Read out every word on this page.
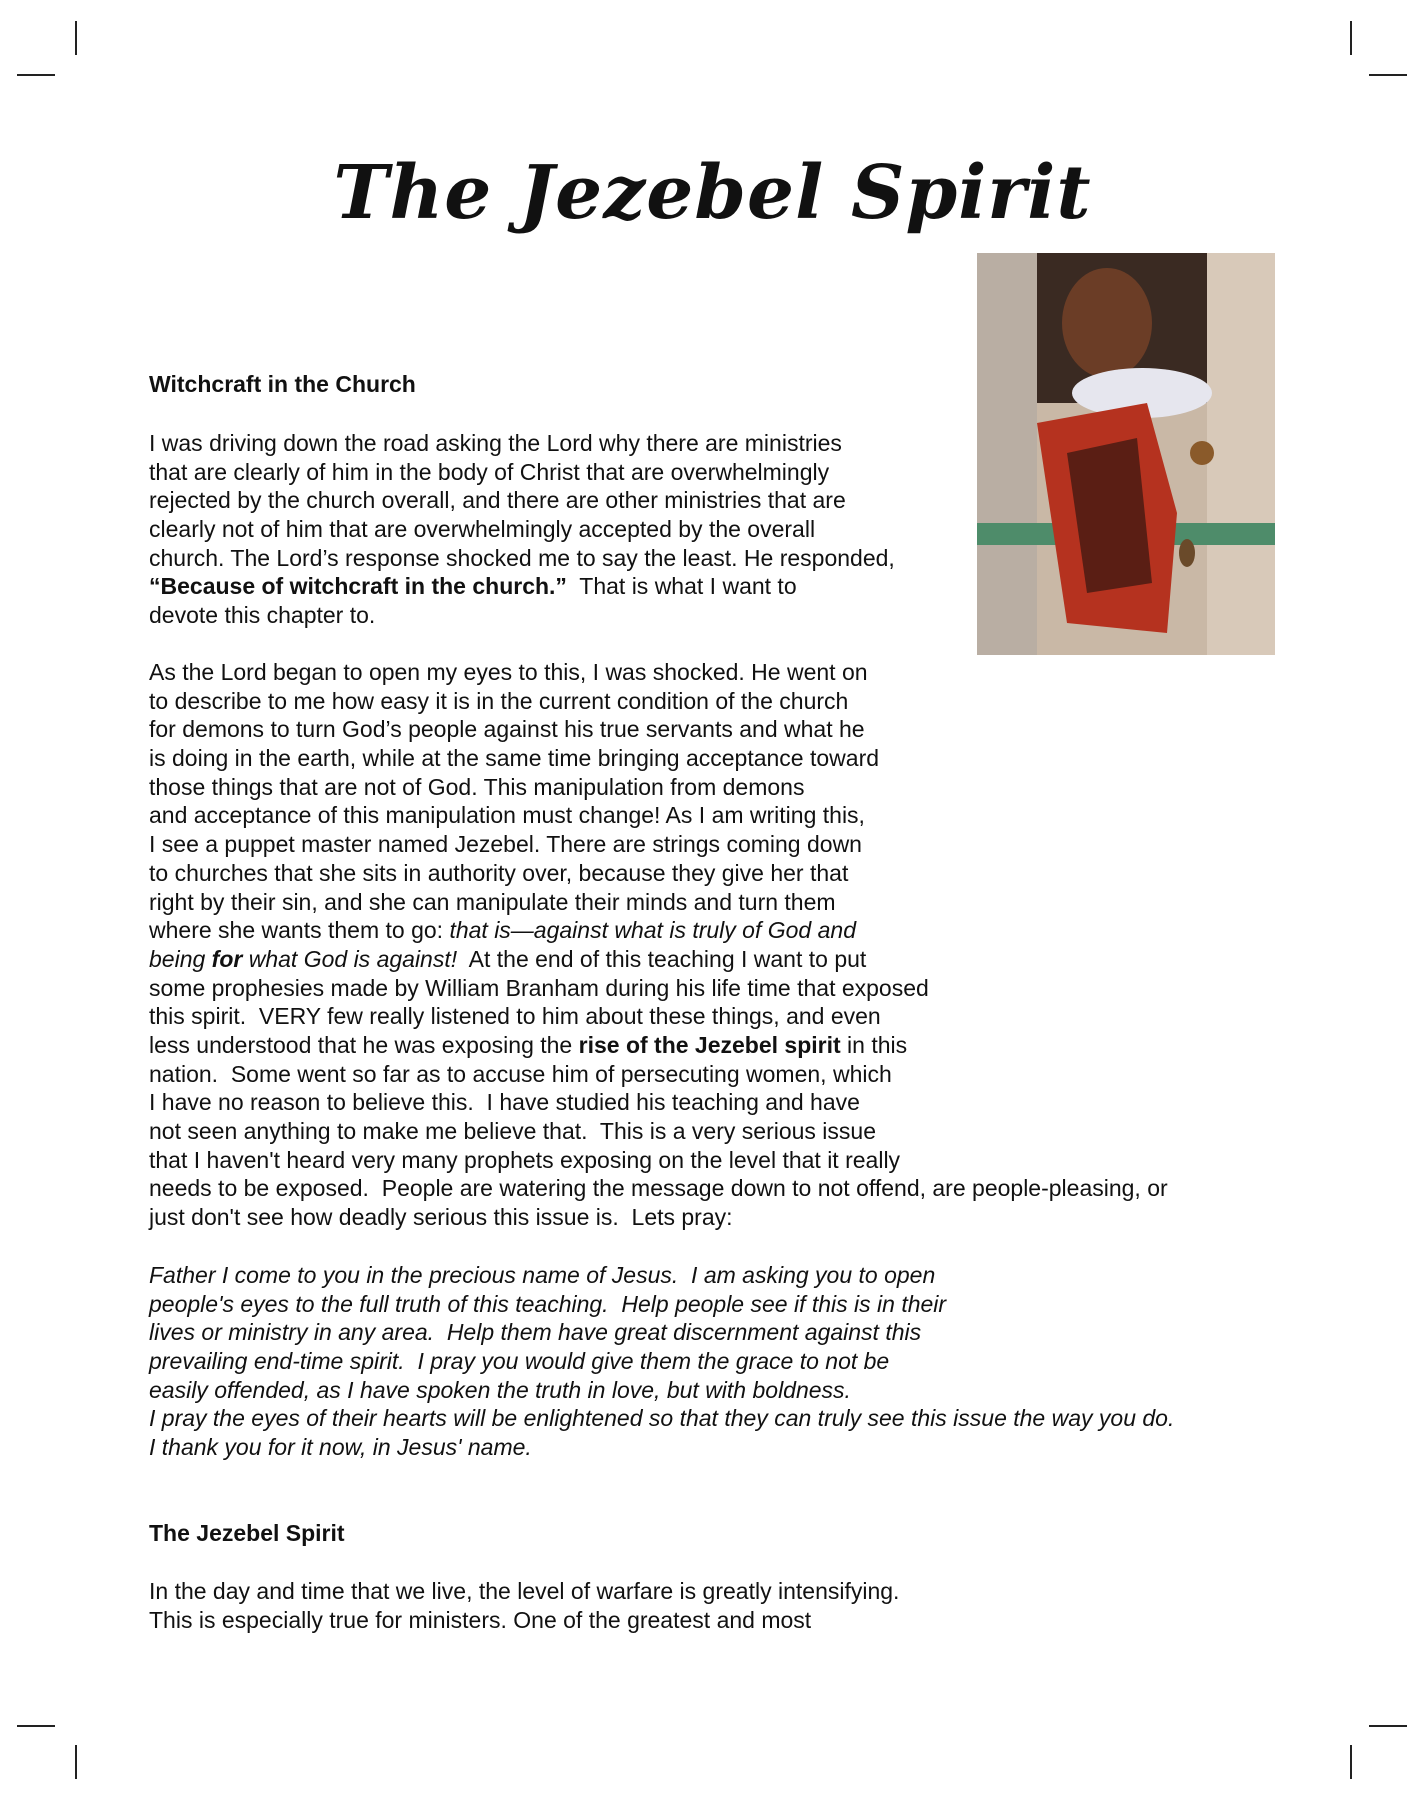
The Jezebel Spirit
Witchcraft in the Church
I was driving down the road asking the Lord why there are ministries
that are clearly of him in the body of Christ that are overwhelmingly
rejected by the church overall, and there are other ministries that are
clearly not of him that are overwhelmingly accepted by the overall
church. The Lord’s response shocked me to say the least. He responded,
“Because of witchcraft in the church.”  That is what I want to
devote this chapter to.
As the Lord began to open my eyes to this, I was shocked. He went on
to describe to me how easy it is in the current condition of the church
for demons to turn God’s people against his true servants and what he
is doing in the earth, while at the same time bringing acceptance toward
those things that are not of God. This manipulation from demons
and acceptance of this manipulation must change! As I am writing this,
I see a puppet master named Jezebel. There are strings coming down
to churches that she sits in authority over, because they give her that
right by their sin, and she can manipulate their minds and turn them
where she wants them to go: that is—against what is truly of God and
being for what God is against!  At the end of this teaching I want to put
some prophesies made by William Branham during his life time that exposed
this spirit.  VERY few really listened to him about these things, and even
less understood that he was exposing the rise of the Jezebel spirit in this
nation.  Some went so far as to accuse him of persecuting women, which
I have no reason to believe this.  I have studied his teaching and have
not seen anything to make me believe that.  This is a very serious issue
that I haven't heard very many prophets exposing on the level that it really
needs to be exposed.  People are watering the message down to not offend, are people-pleasing, or
just don't see how deadly serious this issue is.  Lets pray:
Father I come to you in the precious name of Jesus.  I am asking you to open
people's eyes to the full truth of this teaching.  Help people see if this is in their
lives or ministry in any area.  Help them have great discernment against this
prevailing end-time spirit.  I pray you would give them the grace to not be
easily offended, as I have spoken the truth in love, but with boldness.
I pray the eyes of their hearts will be enlightened so that they can truly see this issue the way you do.
I thank you for it now, in Jesus' name.
The Jezebel Spirit
In the day and time that we live, the level of warfare is greatly intensifying.
This is especially true for ministers. One of the greatest and most
